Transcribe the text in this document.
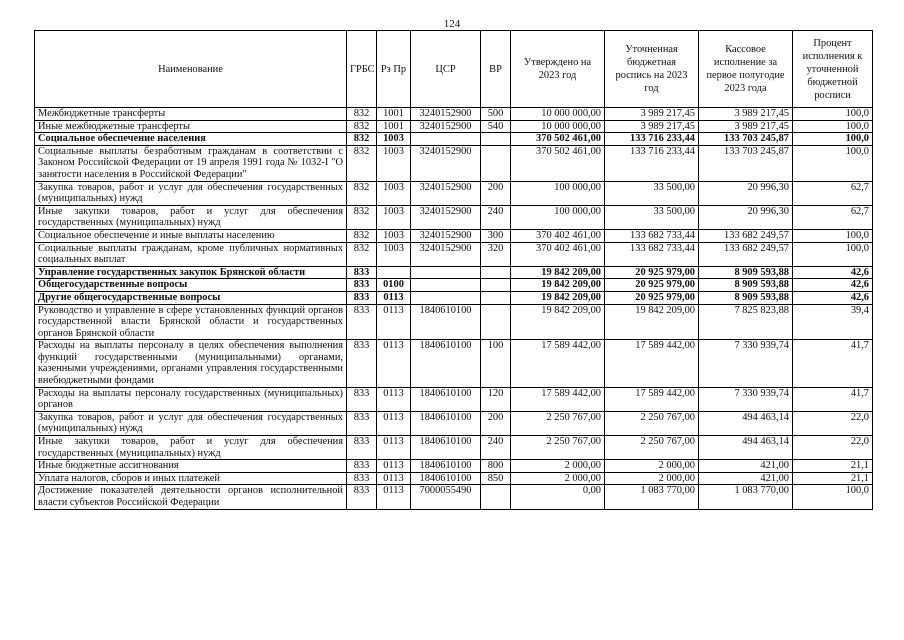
124
Наименование	ГРБС	Рз Пр	ЦСР	ВР	Утверждено на 2023 год	Уточненная бюджетная роспись на 2023 год	Кассовое исполнение за первое полугодие 2023 года	Процент исполнения к уточненной бюджетной росписи
Межбюджетные трансферты	832	1001	3240152900	500	10 000 000,00	3 989 217,45	3 989 217,45	100,0
Иные межбюджетные трансферты	832	1001	3240152900	540	10 000 000,00	3 989 217,45	3 989 217,45	100,0
Социальное обеспечение населения	832	1003			370 502 461,00	133 716 233,44	133 703 245,87	100,0
Социальные выплаты безработным гражданам в соответствии с Законом Российской Федерации от 19 апреля 1991 года № 1032-I "О занятости населения в Российской Федерации"	832	1003	3240152900		370 502 461,00	133 716 233,44	133 703 245,87	100,0
Закупка товаров, работ и услуг для обеспечения государственных (муниципальных) нужд	832	1003	3240152900	200	100 000,00	33 500,00	20 996,30	62,7
Иные закупки товаров, работ и услуг для обеспечения государственных (муниципальных) нужд	832	1003	3240152900	240	100 000,00	33 500,00	20 996,30	62,7
Социальное обеспечение и иные выплаты населению	832	1003	3240152900	300	370 402 461,00	133 682 733,44	133 682 249,57	100,0
Социальные выплаты гражданам, кроме публичных нормативных социальных выплат	832	1003	3240152900	320	370 402 461,00	133 682 733,44	133 682 249,57	100,0
Управление государственных закупок Брянской области	833				19 842 209,00	20 925 979,00	8 909 593,88	42,6
Общегосударственные вопросы	833	0100			19 842 209,00	20 925 979,00	8 909 593,88	42,6
Другие общегосударственные вопросы	833	0113			19 842 209,00	20 925 979,00	8 909 593,88	42,6
Руководство и управление в сфере установленных функций органов государственной власти Брянской области и государственных органов Брянской области	833	0113	1840610100		19 842 209,00	19 842 209,00	7 825 823,88	39,4
Расходы на выплаты персоналу в целях обеспечения выполнения функций государственными (муниципальными) органами, казенными учреждениями, органами управления государственными внебюджетными фондами	833	0113	1840610100	100	17 589 442,00	17 589 442,00	7 330 939,74	41,7
Расходы на выплаты персоналу государственных (муниципальных) органов	833	0113	1840610100	120	17 589 442,00	17 589 442,00	7 330 939,74	41,7
Закупка товаров, работ и услуг для обеспечения государственных (муниципальных) нужд	833	0113	1840610100	200	2 250 767,00	2 250 767,00	494 463,14	22,0
Иные закупки товаров, работ и услуг для обеспечения государственных (муниципальных) нужд	833	0113	1840610100	240	2 250 767,00	2 250 767,00	494 463,14	22,0
Иные бюджетные ассигнования	833	0113	1840610100	800	2 000,00	2 000,00	421,00	21,1
Уплата налогов, сборов и иных платежей	833	0113	1840610100	850	2 000,00	2 000,00	421,00	21,1
Достижение показателей деятельности органов исполнительной власти субъектов Российской Федерации	833	0113	7000055490		0,00	1 083 770,00	1 083 770,00	100,0
